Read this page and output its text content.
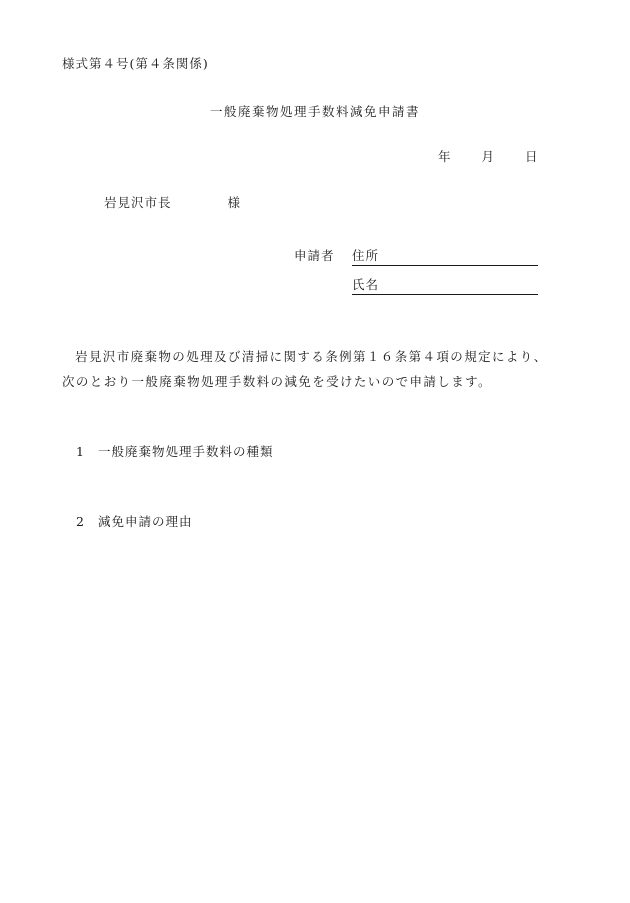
様式第４号(第４条関係)
一般廃棄物処理手数料減免申請書
年 月 日
岩見沢市長	様
申請者 住所
氏名
岩見沢市廃棄物の処理及び清掃に関する条例第１６条第４項の規定により、
次のとおり一般廃棄物処理手数料の減免を受けたいので申請します。
1 一般廃棄物処理手数料の種類
2 減免申請の理由
